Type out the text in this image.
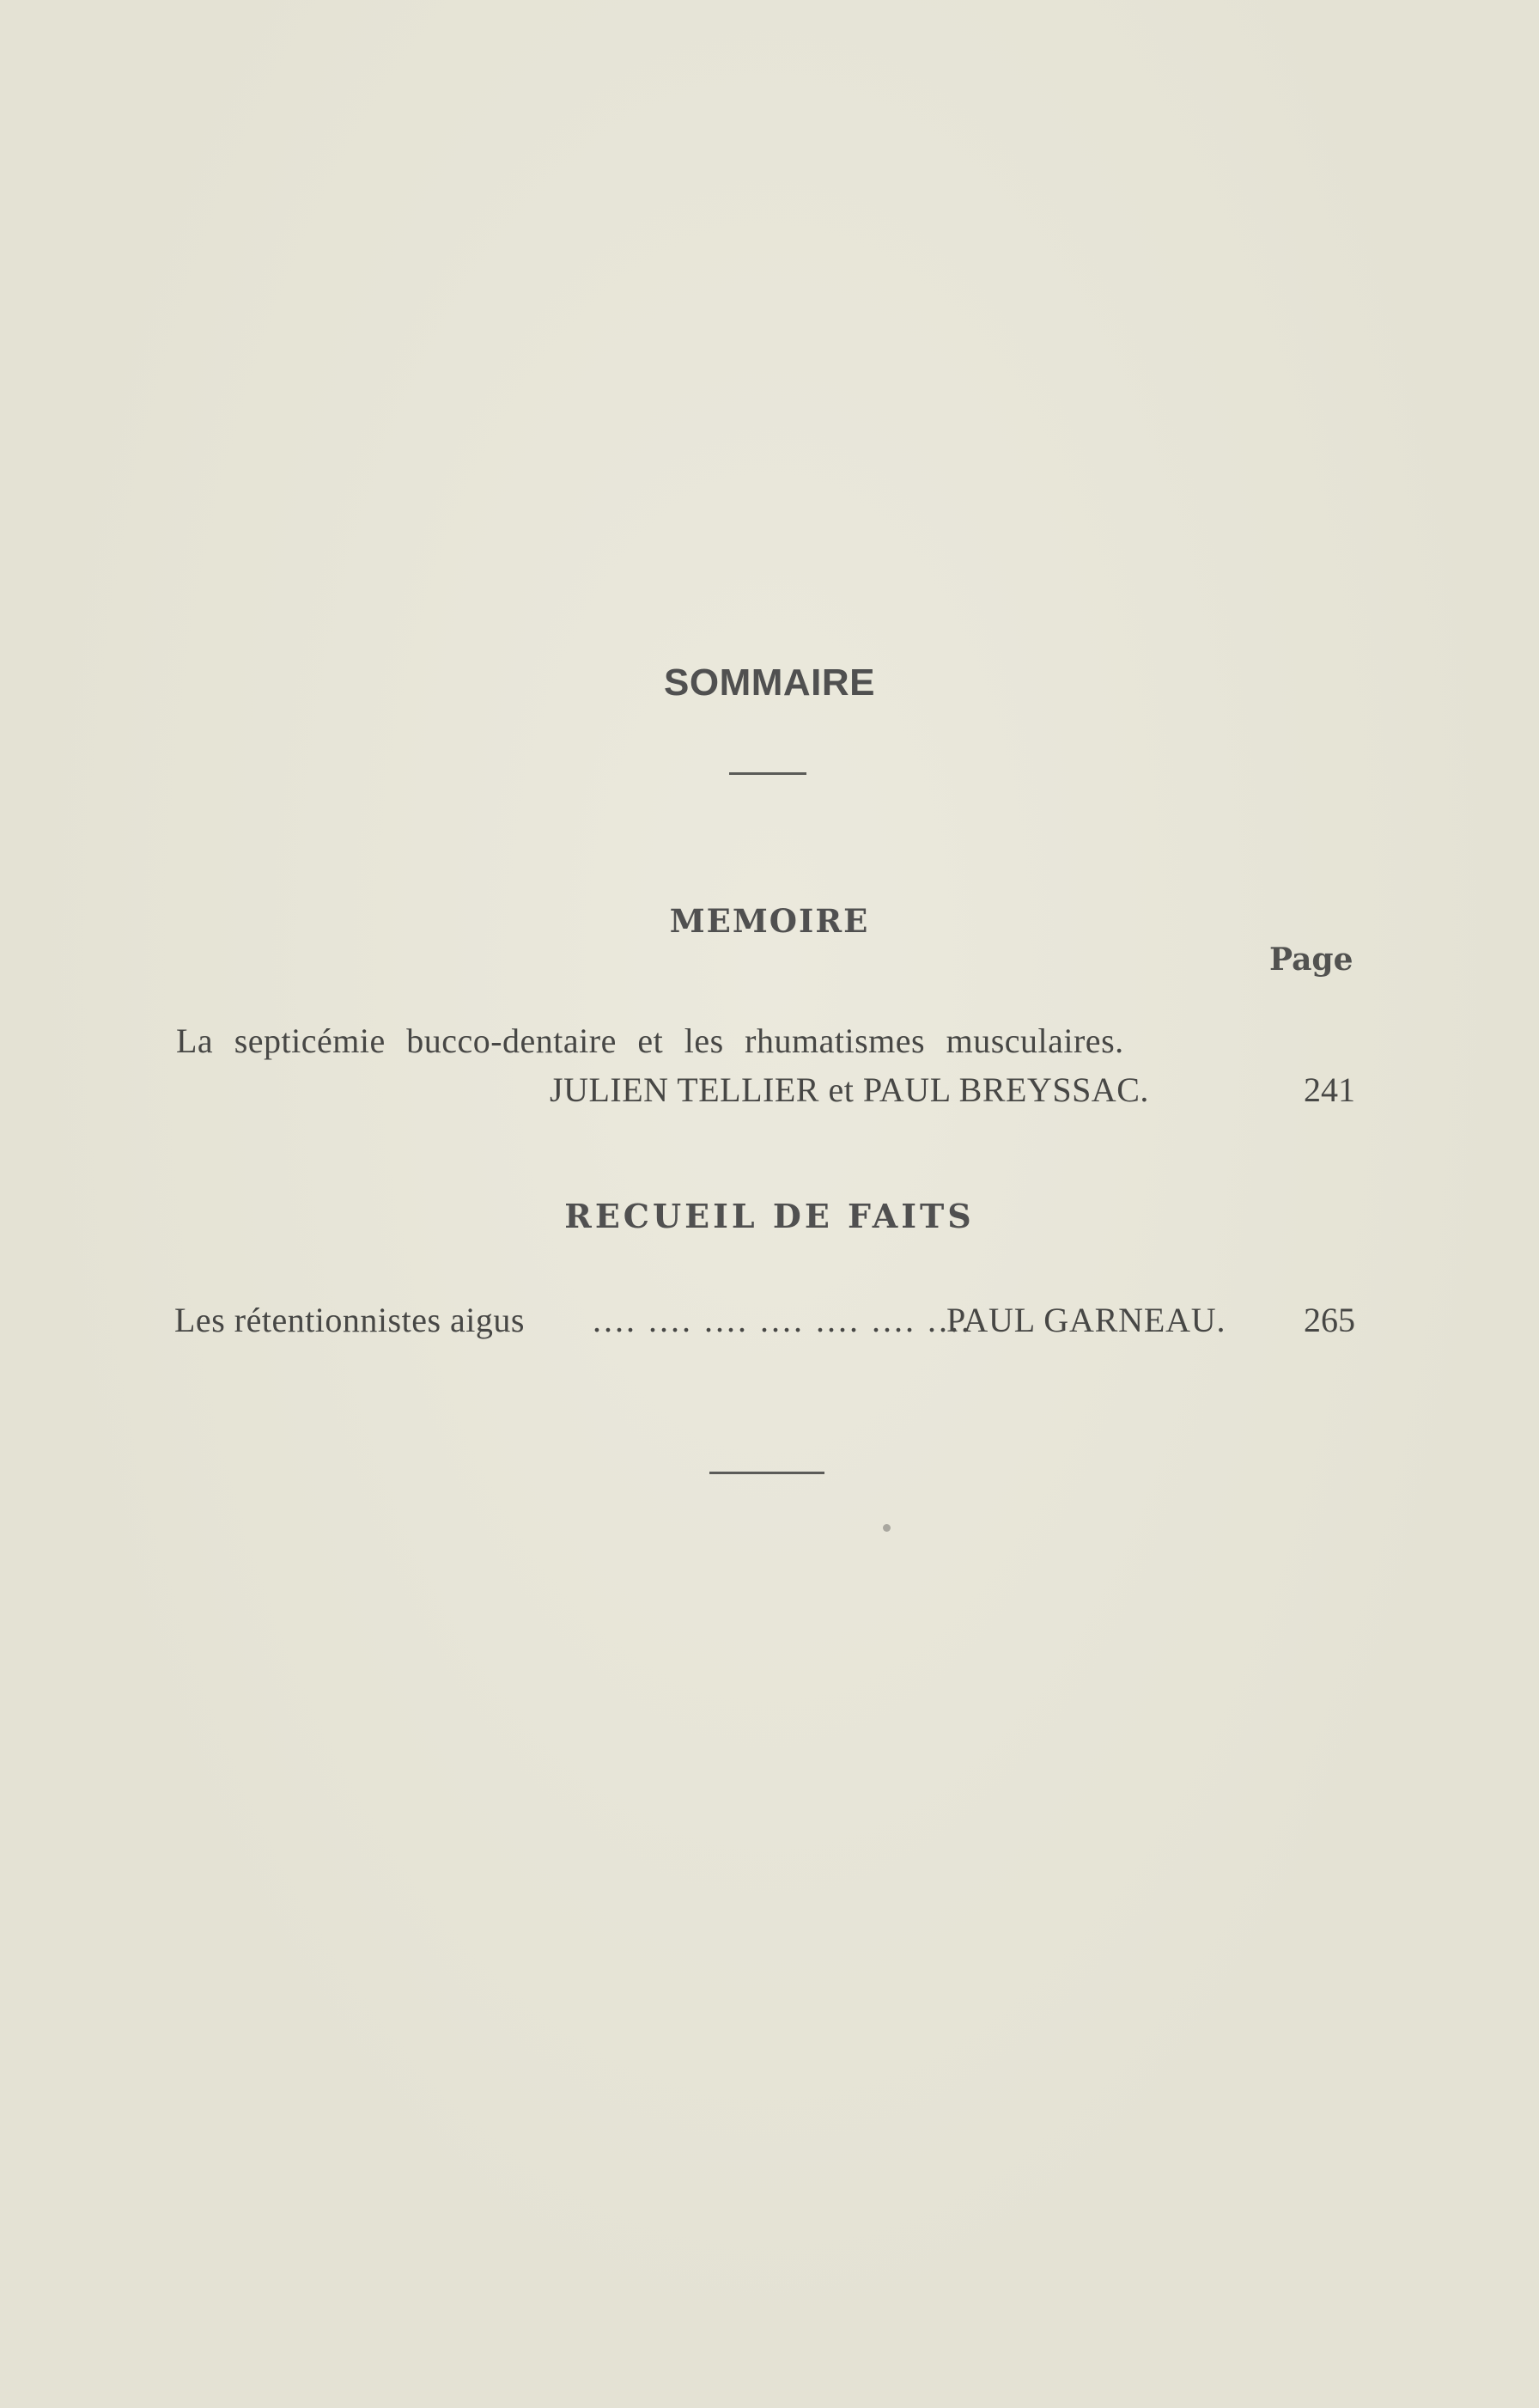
SOMMAIRE
MEMOIRE
Page
La septicémie bucco-dentaire et les rhumatismes musculaires.
JULIEN TELLIER et PAUL BREYSSAC.	241
RECUEIL DE FAITS
Les rétentionnistes aigus .... .... .... .... .... .... ....
PAUL GARNEAU. 265
